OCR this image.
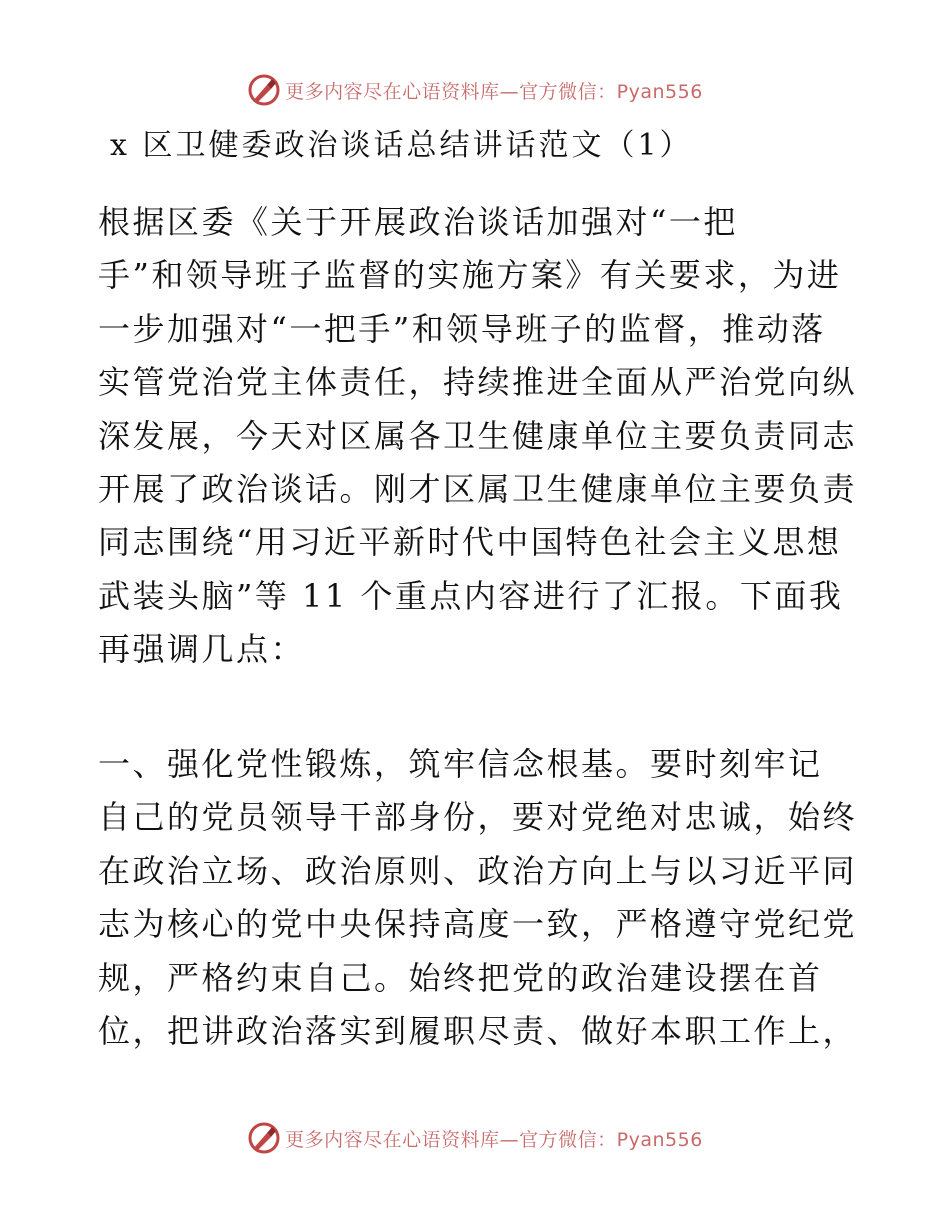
更多内容尽在心语资料库—官方微信：Pyan556
x 区卫健委政治谈话总结讲话范文（1）
根据区委《关于开展政治谈话加强对“一把
手”和领导班子监督的实施方案》有关要求，为进
一步加强对“一把手”和领导班子的监督，推动落
实管党治党主体责任，持续推进全面从严治党向纵
深发展，今天对区属各卫生健康单位主要负责同志
开展了政治谈话。刚才区属卫生健康单位主要负责
同志围绕“用习近平新时代中国特色社会主义思想
武装头脑”等 11 个重点内容进行了汇报。下面我
再强调几点：
一、强化党性锻炼，筑牢信念根基。要时刻牢记
自己的党员领导干部身份，要对党绝对忠诚，始终
在政治立场、政治原则、政治方向上与以习近平同
志为核心的党中央保持高度一致，严格遵守党纪党
规，严格约束自己。始终把党的政治建设摆在首
位，把讲政治落实到履职尽责、做好本职工作上，
更多内容尽在心语资料库—官方微信：Pyan556
